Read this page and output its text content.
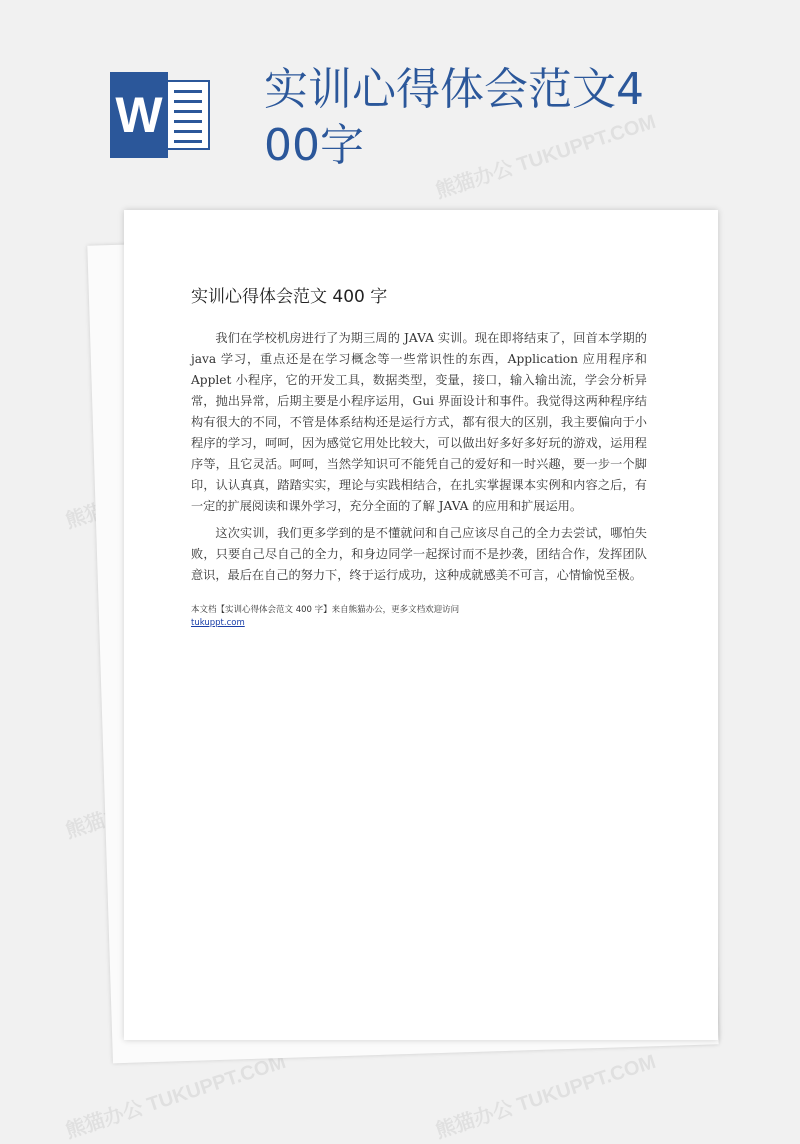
W 实训心得体会范文400字	熊猫办公 TUKUPPT.COM
熊猫办公 TUKUPPT.COM	熊猫办公 TUKUPPT.COM
实训心得体会范文 400 字

我们在学校机房进行了为期三周的 JAVA 实训。现在即将结束了，回首本学期的 java 学习，重点还是在学习概念等一些常识性的东西，Application 应用程序和 Applet 小程序，它的开发工具，数据类型，变量，接口，输入输出流，学会分析异常，抛出异常，后期主要是小程序运用，Gui 界面设计和事件。我觉得这两种程序结构有很大的不同，不管是体系结构还是运行方式，都有很大的区别，我主要偏向于小程序的学习，呵呵，因为感觉它用处比较大，可以做出好多好多好玩的游戏，运用程序等，且它灵活。呵呵，当然学知识可不能凭自己的爱好和一时兴趣，要一步一个脚印，认认真真，踏踏实实，理论与实践相结合，在扎实掌握课本实例和内容之后，有一定的扩展阅读和课外学习，充分全面的了解 JAVA 的应用和扩展运用。

这次实训，我们更多学到的是不懂就问和自己应该尽自己的全力去尝试，哪怕失败，只要自己尽自己的全力，和身边同学一起探讨而不是抄袭，团结合作，发挥团队意识，最后在自己的努力下，终于运行成功，这种成就感美不可言，心情愉悦至极。

本文档【实训心得体会范文 400 字】来自熊猫办公，更多文档欢迎访问
tukuppt.com
